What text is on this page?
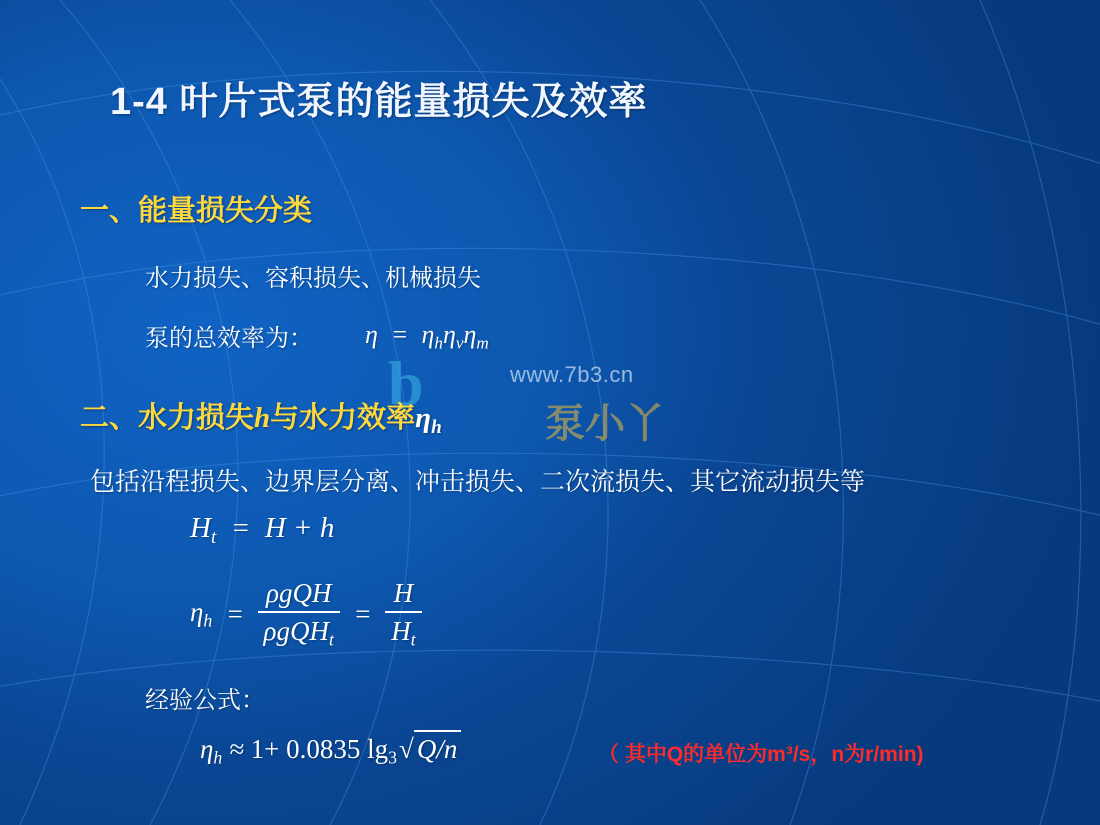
1-4 叶片式泵的能量损失及效率
一、能量损失分类
水力损失、容积损失、机械损失
泵的总效率为： $\eta = \eta_h\eta_v\eta_m$
b	www.7b3.cn
泵小丫
二、水力损失h与水力效率$\eta_h$
包括沿程损失、边界层分离、冲击损失、二次流损失、其它流动损失等
$H_t = H + h$
$\eta_h = \frac{\text{ρgQH}}{\rho gQH_t} = \frac{H}{H_t}$
经验公式：
$\eta_h \approx 1+ 0.0835$ $\lg_3√$ Q/n	（ 其中Q的单位为m³/s，n为r/min)
